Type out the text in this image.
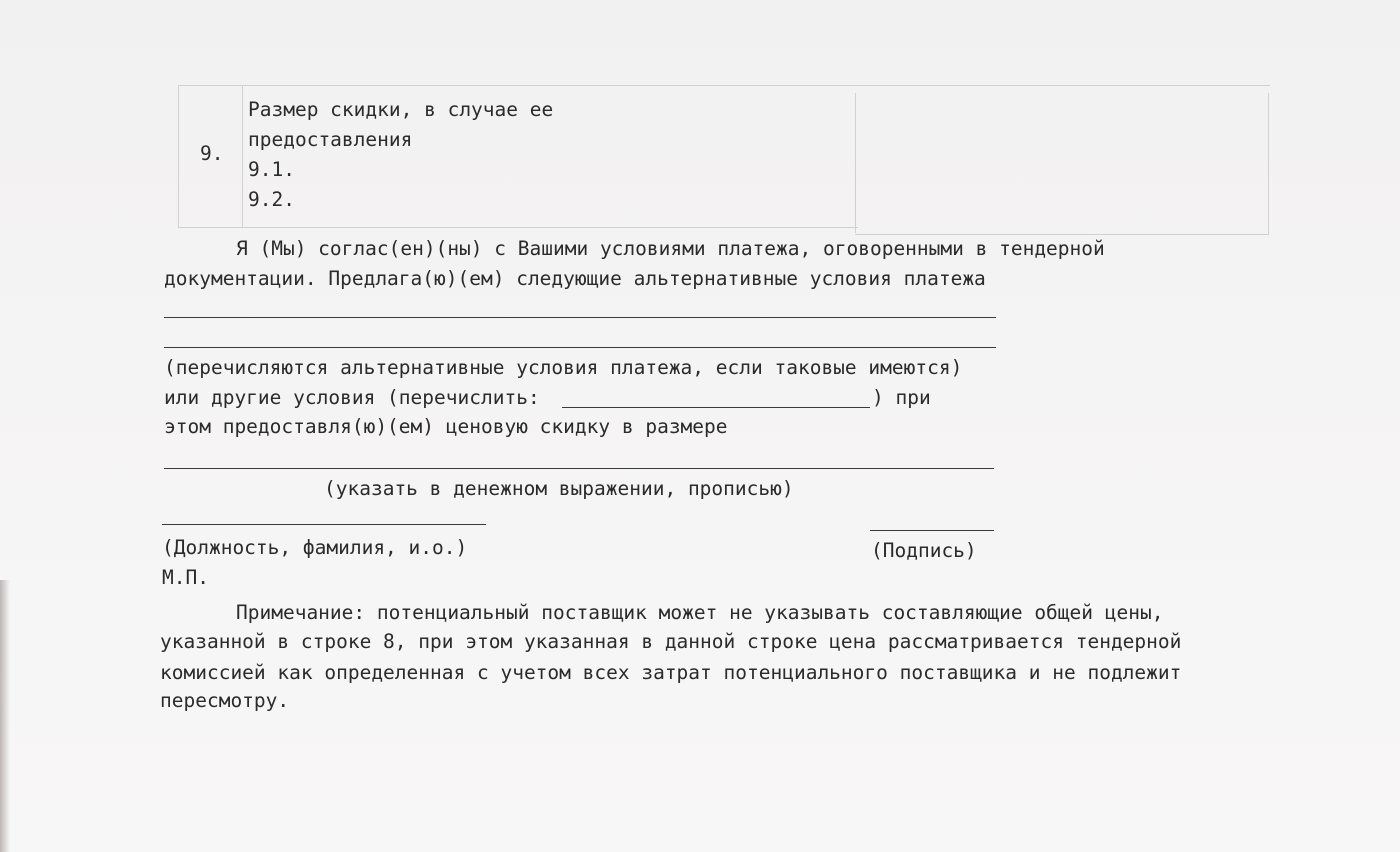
9.
Размер скидки, в случае ее
предоставления
9.1.
9.2.
Я (Мы) соглас(ен)(ны) с Вашими условиями платежа, оговоренными в тендерной
документации. Предлага(ю)(ем) следующие альтернативные условия платежа
(перечисляются альтернативные условия платежа, если таковые имеются)
или другие условия (перечислить:	) при
этом предоставля(ю)(ем) ценовую скидку в размере
(указать в денежном выражении, прописью)
(Должность, фамилия, и.о.)	(Подпись)
М.П.
Примечание: потенциальный поставщик может не указывать составляющие общей цены,
указанной в строке 8, при этом указанная в данной строке цена рассматривается тендерной
комиссией как определенная с учетом всех затрат потенциального поставщика и не подлежит
пересмотру.
